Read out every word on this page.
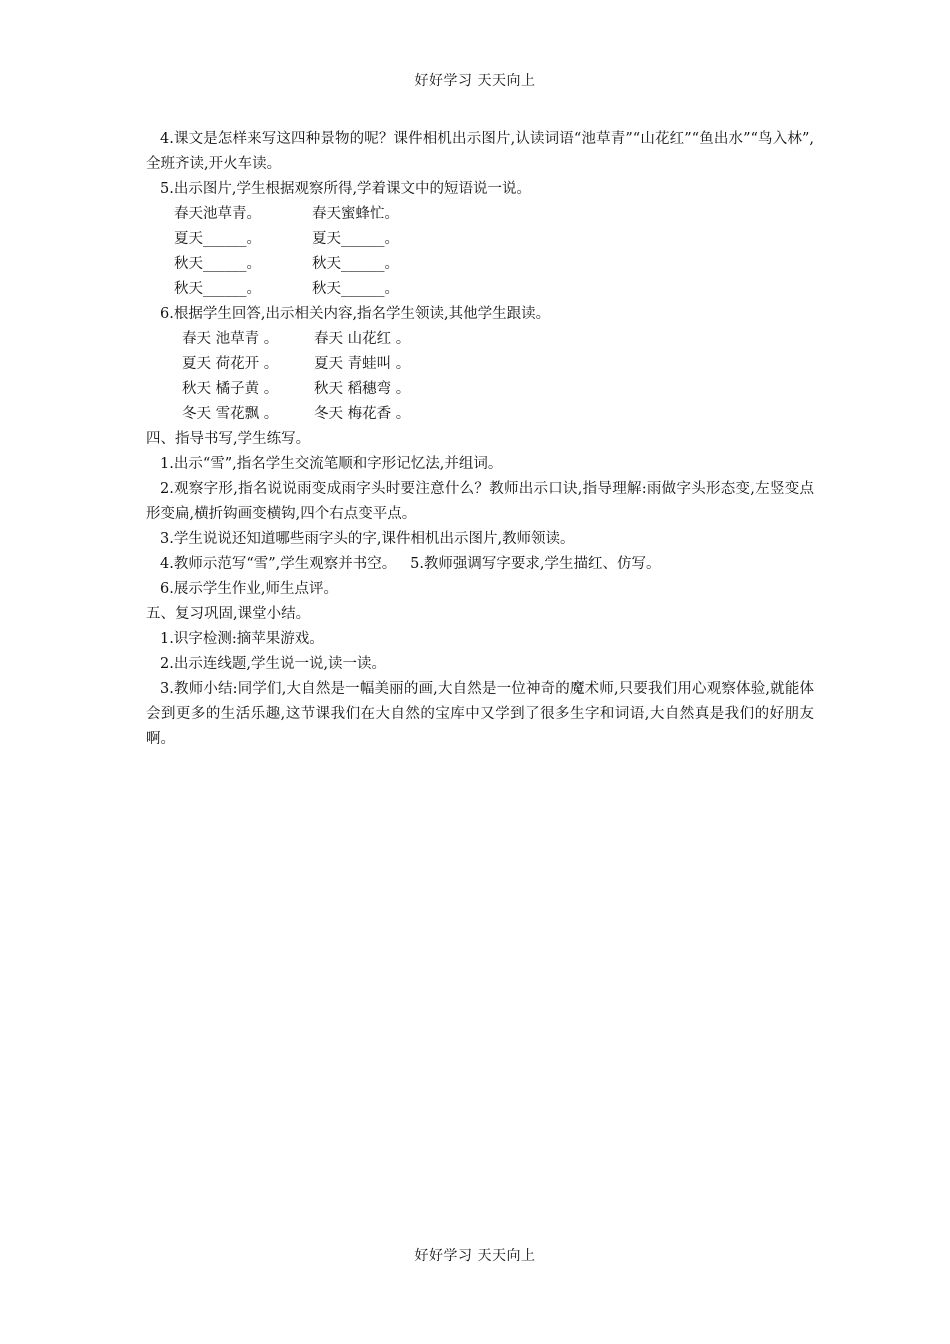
好好学习 天天向上
4.课文是怎样来写这四种景物的呢？课件相机出示图片,认读词语“池草青”“山花红”“鱼出水”“鸟入林”,全班齐读,开火车读。
5.出示图片,学生根据观察所得,学着课文中的短语说一说。
春天池草青。	春天蜜蜂忙。
夏天______。	夏天______。
秋天______。	秋天______。
秋天______。	秋天______。
6.根据学生回答,出示相关内容,指名学生领读,其他学生跟读。
春天 池草青 。	春天 山花红 。
夏天 荷花开 。	夏天 青蛙叫 。
秋天 橘子黄 。	秋天 稻穗弯 。
冬天 雪花飘 。	冬天 梅花香 。
四、指导书写,学生练写。
1.出示“雪”,指名学生交流笔顺和字形记忆法,并组词。
2.观察字形,指名说说雨变成雨字头时要注意什么？教师出示口诀,指导理解:雨做字头形态变,左竖变点形变扁,横折钩画变横钩,四个右点变平点。
3.学生说说还知道哪些雨字头的字,课件相机出示图片,教师领读。
4.教师示范写“雪”,学生观察并书空。   5.教师强调写字要求,学生描红、仿写。
6.展示学生作业,师生点评。
五、复习巩固,课堂小结。
1.识字检测:摘苹果游戏。
2.出示连线题,学生说一说,读一读。
3.教师小结:同学们,大自然是一幅美丽的画,大自然是一位神奇的魔术师,只要我们用心观察体验,就能体会到更多的生活乐趣,这节课我们在大自然的宝库中又学到了很多生字和词语,大自然真是我们的好朋友啊。
好好学习 天天向上
